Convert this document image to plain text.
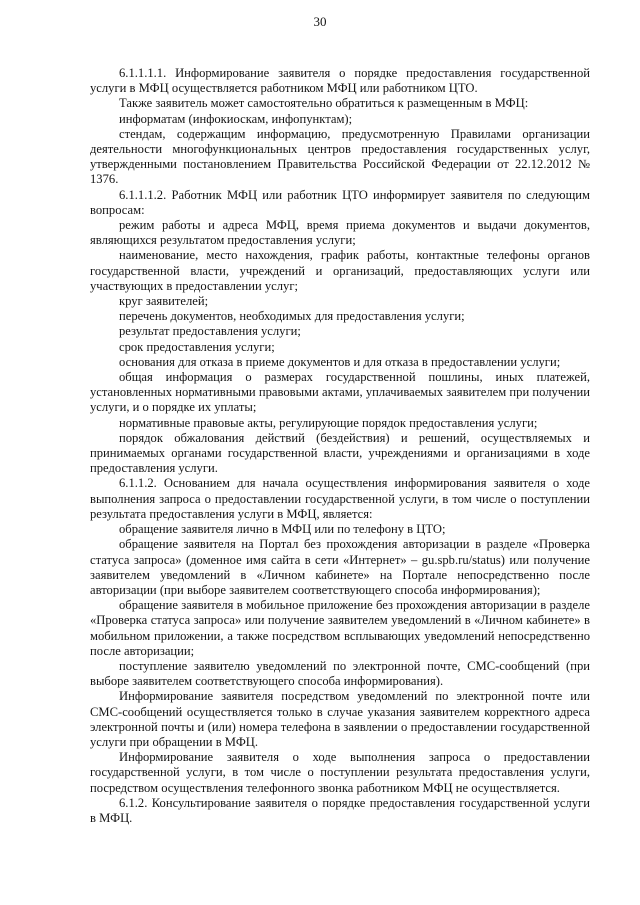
30

6.1.1.1.1. Информирование заявителя о порядке предоставления государственной услуги в МФЦ осуществляется работником МФЦ или работником ЦТО.

Также заявитель может самостоятельно обратиться к размещенным в МФЦ:

информатам (инфокиоскам, инфопунктам);

стендам, содержащим информацию, предусмотренную Правилами организации деятельности многофункциональных центров предоставления государственных услуг, утвержденными постановлением Правительства Российской Федерации от 22.12.2012 № 1376.

6.1.1.1.2. Работник МФЦ или работник ЦТО информирует заявителя по следующим вопросам:

режим работы и адреса МФЦ, время приема документов и выдачи документов, являющихся результатом предоставления услуги;

наименование, место нахождения, график работы, контактные телефоны органов государственной власти, учреждений и организаций, предоставляющих услуги или участвующих в предоставлении услуг;

круг заявителей;

перечень документов, необходимых для предоставления услуги;

результат предоставления услуги;

срок предоставления услуги;

основания для отказа в приеме документов и для отказа в предоставлении услуги;

общая информация о размерах государственной пошлины, иных платежей, установленных нормативными правовыми актами, уплачиваемых заявителем при получении услуги, и о порядке их уплаты;

нормативные правовые акты, регулирующие порядок предоставления услуги;

порядок обжалования действий (бездействия) и решений, осуществляемых и принимаемых органами государственной власти, учреждениями и организациями в ходе предоставления услуги.

6.1.1.2. Основанием для начала осуществления информирования заявителя о ходе выполнения запроса о предоставлении государственной услуги, в том числе о поступлении результата предоставления услуги в МФЦ, является:

обращение заявителя лично в МФЦ или по телефону в ЦТО;

обращение заявителя на Портал без прохождения авторизации в разделе «Проверка статуса запроса» (доменное имя сайта в сети «Интернет» – gu.spb.ru/status) или получение заявителем уведомлений в «Личном кабинете» на Портале непосредственно после авторизации (при выборе заявителем соответствующего способа информирования);

обращение заявителя в мобильное приложение без прохождения авторизации в разделе «Проверка статуса запроса» или получение заявителем уведомлений в «Личном кабинете» в мобильном приложении, а также посредством всплывающих уведомлений непосредственно после авторизации;

поступление заявителю уведомлений по электронной почте, СМС-сообщений (при выборе заявителем соответствующего способа информирования).

Информирование заявителя посредством уведомлений по электронной почте или СМС-сообщений осуществляется только в случае указания заявителем корректного адреса электронной почты и (или) номера телефона в заявлении о предоставлении государственной услуги при обращении в МФЦ.

Информирование заявителя о ходе выполнения запроса о предоставлении государственной услуги, в том числе о поступлении результата предоставления услуги, посредством осуществления телефонного звонка работником МФЦ не осуществляется.

6.1.2. Консультирование заявителя о порядке предоставления государственной услуги в МФЦ.
